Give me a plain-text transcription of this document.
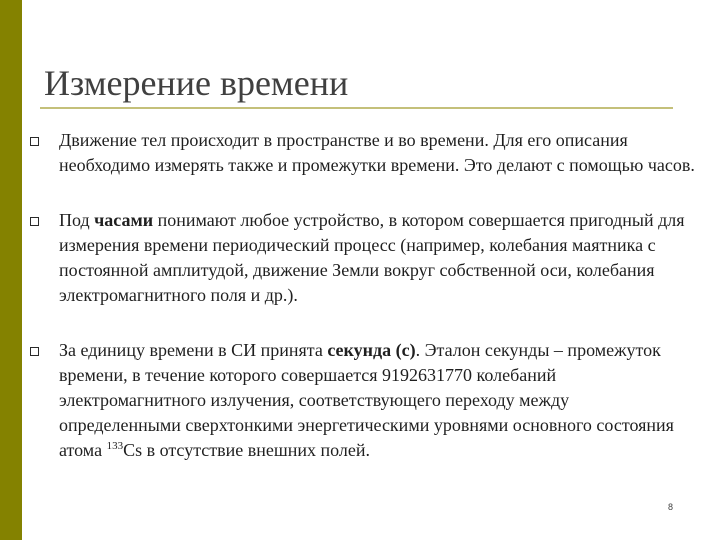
Измерение времени
Движение тел происходит в пространстве и во времени. Для его описания необходимо измерять также и промежутки времени. Это делают с помощью часов.
Под часами понимают любое устройство, в котором совершается пригодный для измерения времени периодический процесс (например, колебания маятника с постоянной амплитудой, движение Земли вокруг собственной оси, колебания электромагнитного поля и др.).
За единицу времени в СИ принята секунда (с). Эталон секунды – промежуток времени, в течение которого совершается 9192631770 колебаний электромагнитного излучения, соответствующего переходу между определенными сверхтонкими энергетическими уровнями основного состояния атома $^{133}$Cs в отсутствие внешних полей.
8
